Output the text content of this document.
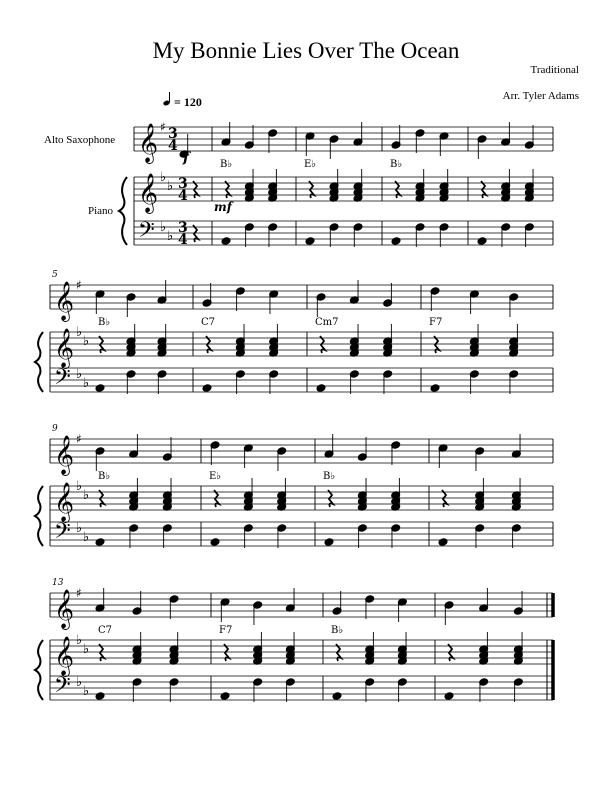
My Bonnie Lies Over The Ocean
Traditional
Arr. Tyler Adams
= 120
Alto Saxophone
Piano
𝄞
𝄞
𝄢
♯
♭
♭
♭
♭
3
4
3
4
3
4
B♭	E♭	B♭
𝄞
𝄞
𝄢
♯
♭
♭
♭
♭
5
B♭	C7	Cm7	F7
𝄞
𝄞
𝄢
♯
♭
♭
♭
♭
9
B♭	E♭	B♭
𝄞
𝄞
𝄢
♯
♭
♭
♭
♭
13
C7	F7	B♭
f
mf
